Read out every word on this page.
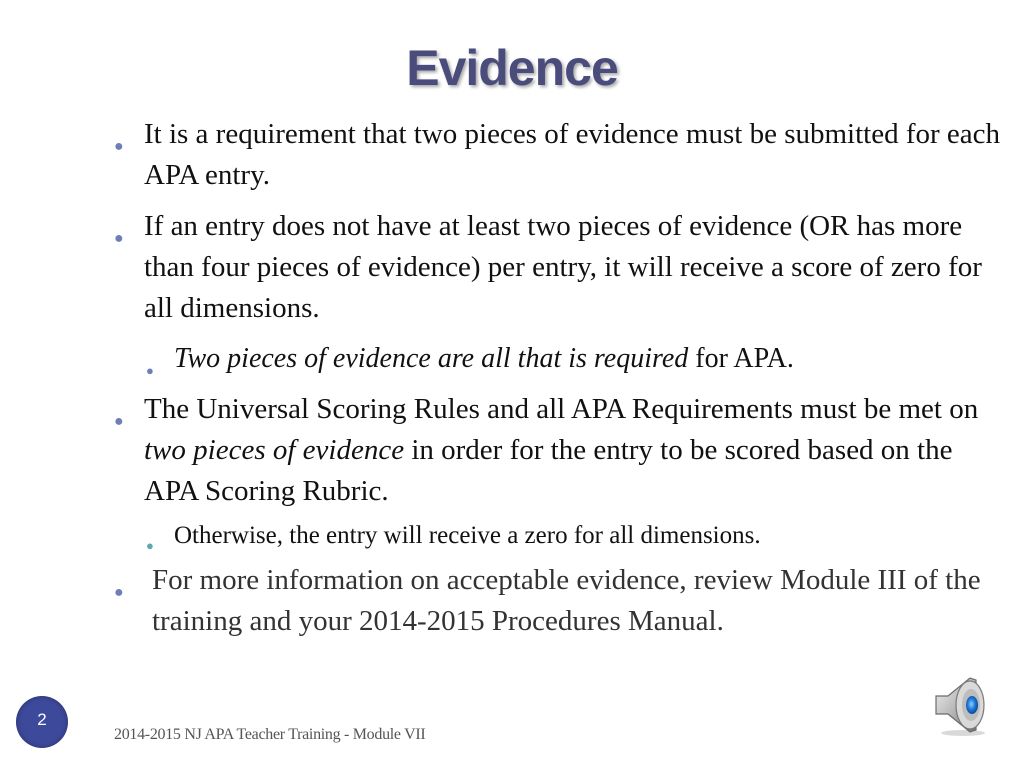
Evidence
● It is a requirement that two pieces of evidence must be submitted for each APA entry.
● If an entry does not have at least two pieces of evidence (OR has more than four pieces of evidence) per entry, it will receive a score of zero for all dimensions.
● Two pieces of evidence are all that is required for APA.
● The Universal Scoring Rules and all APA Requirements must be met on two pieces of evidence in order for the entry to be scored based on the APA Scoring Rubric.
● Otherwise, the entry will receive a zero for all dimensions.
● For more information on acceptable evidence, review Module III of the training and your 2014-2015 Procedures Manual.
2
2014-2015 NJ APA Teacher Training - Module VII
